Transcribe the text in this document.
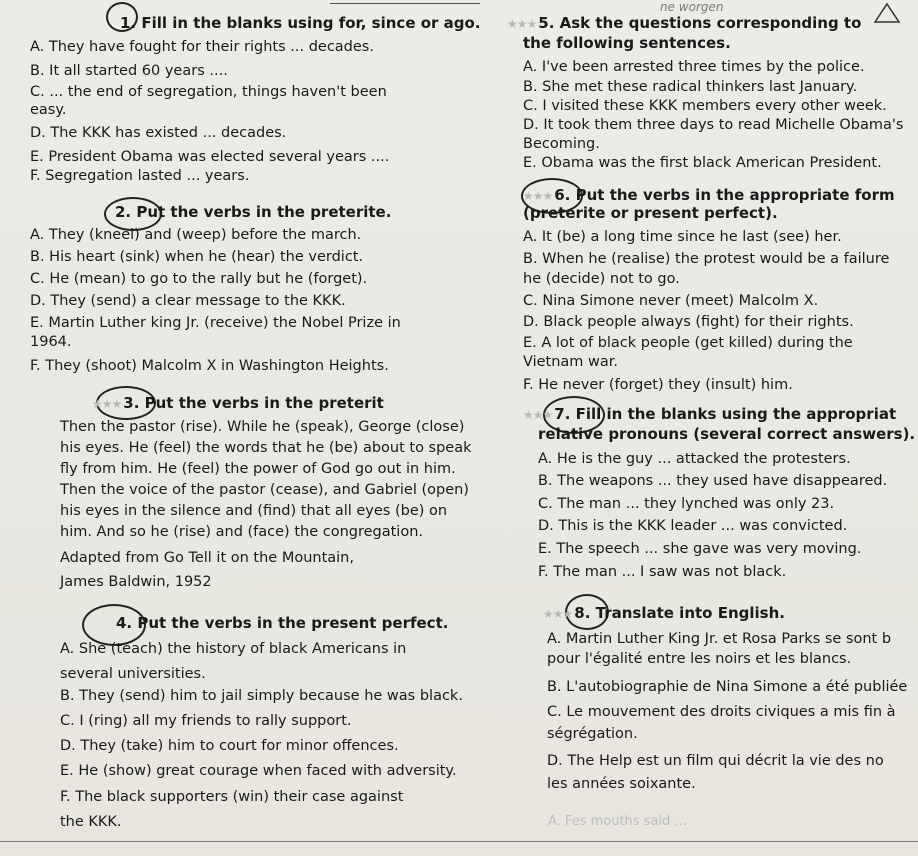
ne worgen
1. Fill in the blanks using for, since or ago.
A. They have fought for their rights ... decades.
B. It all started 60 years ....
C. ... the end of segregation, things haven't been
easy.
D. The KKK has existed ... decades.
E. President Obama was elected several years ....
F. Segregation lasted ... years.
2. Put the verbs in the preterite.
A. They (kneel) and (weep) before the march.
B. His heart (sink) when he (hear) the verdict.
C. He (mean) to go to the rally but he (forget).
D. They (send) a clear message to the KKK.
E. Martin Luther king Jr. (receive) the Nobel Prize in
1964.
F. They (shoot) Malcolm X in Washington Heights.
★★★ 3. Put the verbs in the preterit
Then the pastor (rise). While he (speak), George (close)
his eyes. He (feel) the words that he (be) about to speak
fly from him. He (feel) the power of God go out in him.
Then the voice of the pastor (cease), and Gabriel (open)
his eyes in the silence and (find) that all eyes (be) on
him. And so he (rise) and (face) the congregation.
Adapted from Go Tell it on the Mountain,
James Baldwin, 1952
4. Put the verbs in the present perfect.
A. She (teach) the history of black Americans in
several universities.
B. They (send) him to jail simply because he was black.
C. I (ring) all my friends to rally support.
D. They (take) him to court for minor offences.
E. He (show) great courage when faced with adversity.
F. The black supporters (win) their case against
the KKK.
★★★ 5. Ask the questions corresponding to
the following sentences.
A. I've been arrested three times by the police.
B. She met these radical thinkers last January.
C. I visited these KKK members every other week.
D. It took them three days to read Michelle Obama's
Becoming.
E. Obama was the first black American President.
★★★ 6. Put the verbs in the appropriate form
(preterite or present perfect).
A. It (be) a long time since he last (see) her.
B. When he (realise) the protest would be a failure
he (decide) not to go.
C. Nina Simone never (meet) Malcolm X.
D. Black people always (fight) for their rights.
E. A lot of black people (get killed) during the
Vietnam war.
F. He never (forget) they (insult) him.
★★★ 7. Fill in the blanks using the appropriat
relative pronouns (several correct answers).
A. He is the guy ... attacked the protesters.
B. The weapons ... they used have disappeared.
C. The man ... they lynched was only 23.
D. This is the KKK leader ... was convicted.
E. The speech ... she gave was very moving.
F. The man ... I saw was not black.
★★★ 8. Translate into English.
A. Martin Luther King Jr. et Rosa Parks se sont b
pour l'égalité entre les noirs et les blancs.
B. L'autobiographie de Nina Simone a été publiée
C. Le mouvement des droits civiques a mis fin à
ségrégation.
D. The Help est un film qui décrit la vie des no
les années soixante.
A. Fes mouths said ...
